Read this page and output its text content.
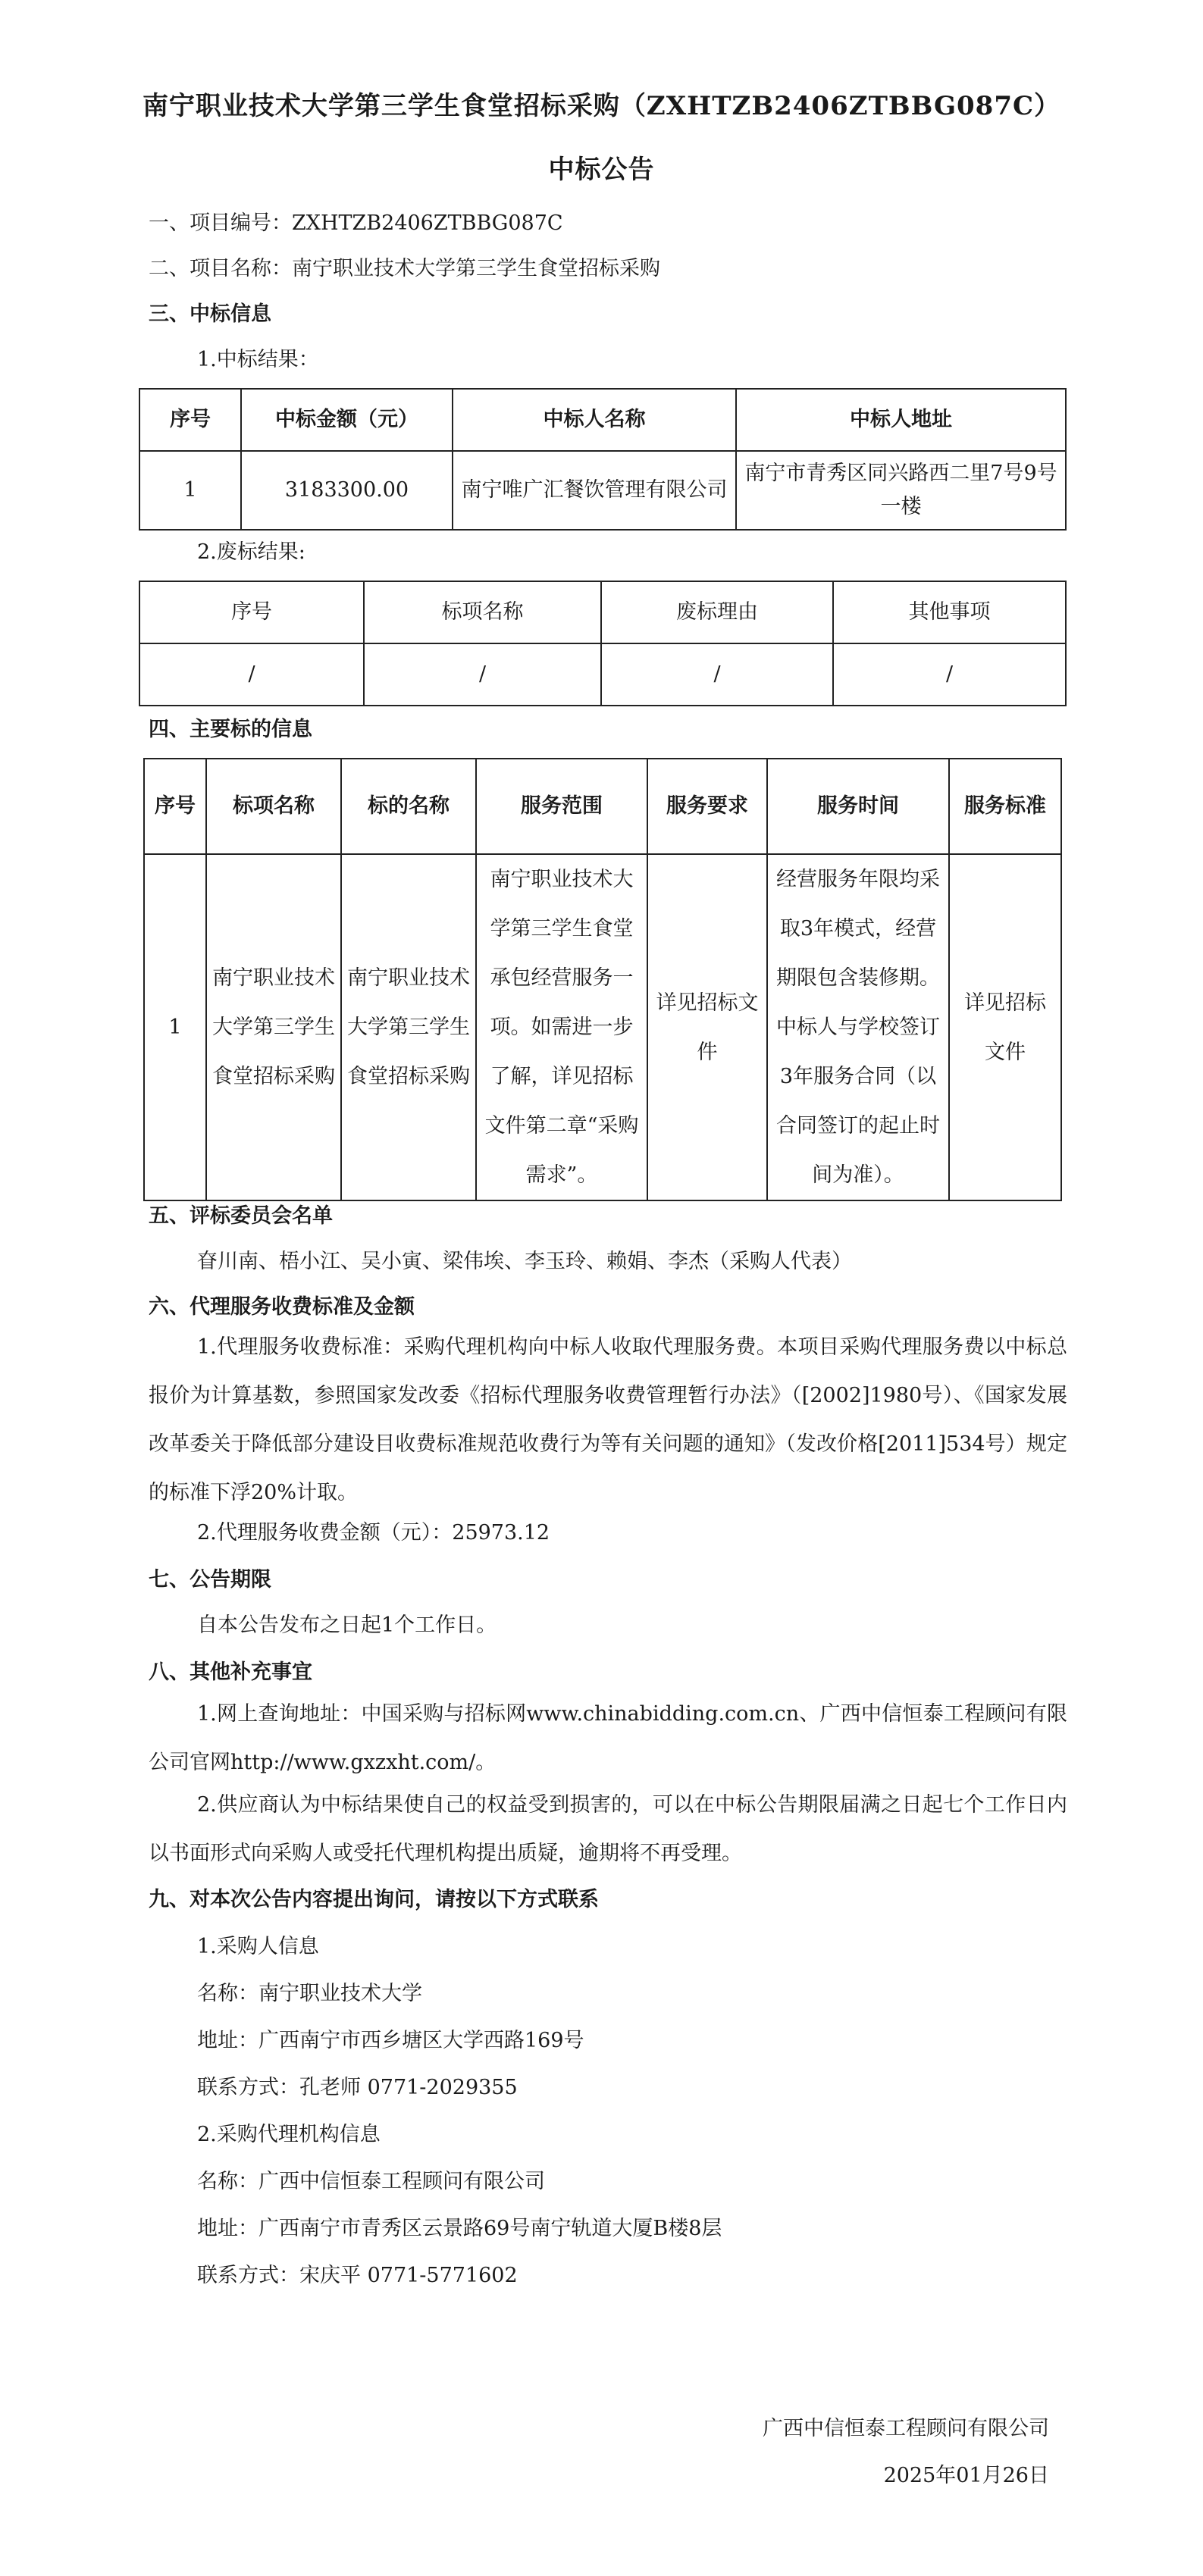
南宁职业技术大学第三学生食堂招标采购（ZXHTZB2406ZTBBG087C）
中标公告
一、项目编号：ZXHTZB2406ZTBBG087C
二、项目名称：南宁职业技术大学第三学生食堂招标采购
三、中标信息
1.中标结果：
序号	中标金额（元）	中标人名称	中标人地址
1	3183300.00	南宁唯广汇餐饮管理有限公司	南宁市青秀区同兴路西二里7号9号一楼
2.废标结果:
序号	标项名称	废标理由	其他事项
/	/	/	/
四、主要标的信息
序号	标项名称	标的名称	服务范围	服务要求	服务时间	服务标准
1	南宁职业技术大学第三学生食堂招标采购	南宁职业技术大学第三学生食堂招标采购	南宁职业技术大学第三学生食堂承包经营服务一项。如需进一步了解，详见招标文件第二章“采购需求”。	详见招标文件	经营服务年限均采取3年模式，经营期限包含装修期。中标人与学校签订3年服务合同（以合同签订的起止时间为准）。	详见招标文件
五、评标委员会名单
眘川南、梧小江、吴小寅、梁伟埃、李玉玲、赖娟、李杰（采购人代表）
六、代理服务收费标准及金额
1.代理服务收费标准：采购代理机构向中标人收取代理服务费。本项目采购代理服务费以中标总报价为计算基数，参照国家发改委《招标代理服务收费管理暂行办法》（[2002]1980号）、《国家发展改革委关于降低部分建设目收费标准规范收费行为等有关问题的通知》（发改价格[2011]534号）规定的标准下浮20%计取。
2.代理服务收费金额（元）：25973.12
七、公告期限
自本公告发布之日起1个工作日。
八、其他补充事宜
1.网上查询地址：中国采购与招标网www.chinabidding.com.cn、广西中信恒泰工程顾问有限公司官网http://www.gxzxht.com/。
2.供应商认为中标结果使自己的权益受到损害的，可以在中标公告期限届满之日起七个工作日内以书面形式向采购人或受托代理机构提出质疑，逾期将不再受理。
九、对本次公告内容提出询问，请按以下方式联系
1.采购人信息
名称：南宁职业技术大学
地址：广西南宁市西乡塘区大学西路169号
联系方式：孔老师 0771-2029355
2.采购代理机构信息
名称：广西中信恒泰工程顾问有限公司
地址：广西南宁市青秀区云景路69号南宁轨道大厦B楼8层
联系方式：宋庆平 0771-5771602
广西中信恒泰工程顾问有限公司
2025年01月26日
